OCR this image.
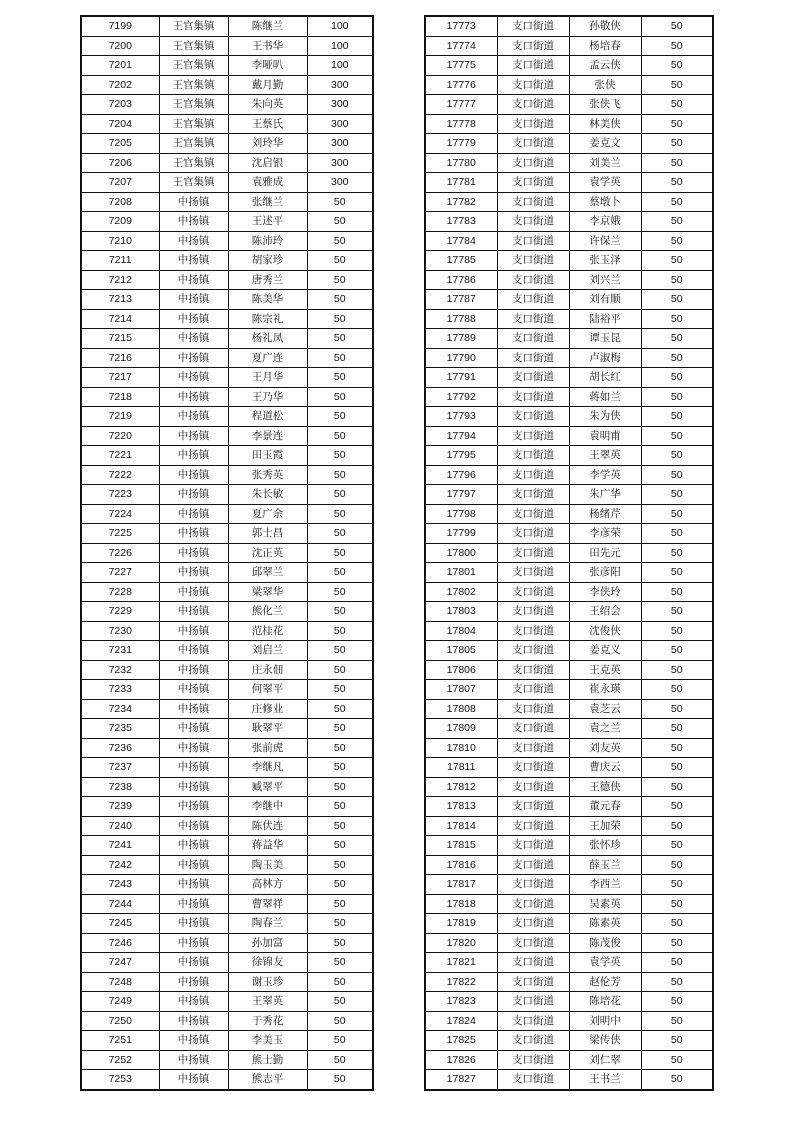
7199	王官集镇	陈继兰	100
7200	王官集镇	王书华	100
7201	王官集镇	李哑叭	100
7202	王官集镇	戴月勤	300
7203	王官集镇	朱向英	300
7204	王官集镇	王蔡氏	300
7205	王官集镇	刘玲华	300
7206	王官集镇	沈启银	300
7207	王官集镇	袁雅成	300
7208	中扬镇	张继兰	50
7209	中扬镇	王述平	50
7210	中扬镇	陈沛玲	50
7211	中扬镇	胡家珍	50
7212	中扬镇	唐秀兰	50
7213	中扬镇	陈美华	50
7214	中扬镇	陈宗礼	50
7215	中扬镇	杨礼凤	50
7216	中扬镇	夏广连	50
7217	中扬镇	王月华	50
7218	中扬镇	王乃华	50
7219	中扬镇	程道松	50
7220	中扬镇	李景连	50
7221	中扬镇	田玉霞	50
7222	中扬镇	张秀英	50
7223	中扬镇	朱长敏	50
7224	中扬镇	夏广余	50
7225	中扬镇	郭士昌	50
7226	中扬镇	沈正英	50
7227	中扬镇	邱翠兰	50
7228	中扬镇	梁翠华	50
7229	中扬镇	熊化兰	50
7230	中扬镇	范桂花	50
7231	中扬镇	刘启兰	50
7232	中扬镇	庄永佃	50
7233	中扬镇	何翠平	50
7234	中扬镇	庄修业	50
7235	中扬镇	耿翠平	50
7236	中扬镇	张前虎	50
7237	中扬镇	李继凡	50
7238	中扬镇	臧翠平	50
7239	中扬镇	李继中	50
7240	中扬镇	陈伏连	50
7241	中扬镇	蒋益华	50
7242	中扬镇	陶玉美	50
7243	中扬镇	高林方	50
7244	中扬镇	曹翠祥	50
7245	中扬镇	陶春兰	50
7246	中扬镇	孙加富	50
7247	中扬镇	徐锦友	50
7248	中扬镇	谢玉珍	50
7249	中扬镇	王翠英	50
7250	中扬镇	于秀花	50
7251	中扬镇	李美玉	50
7252	中扬镇	熊士勤	50
7253	中扬镇	熊志平	50
17773	支口街道	孙敬侠	50
17774	支口街道	杨培春	50
17775	支口街道	孟云侠	50
17776	支口街道	张侠	50
17777	支口街道	张侠飞	50
17778	支口街道	林美侠	50
17779	支口街道	姜克文	50
17780	支口街道	刘美兰	50
17781	支口街道	袁学英	50
17782	支口街道	蔡墩卜	50
17783	支口街道	李京娥	50
17784	支口街道	许保兰	50
17785	支口街道	张玉泽	50
17786	支口街道	刘兴兰	50
17787	支口街道	刘有顺	50
17788	支口街道	陆裕平	50
17789	支口街道	谭玉昆	50
17790	支口街道	卢淑梅	50
17791	支口街道	胡长红	50
17792	支口街道	蒋如兰	50
17793	支口街道	朱为侠	50
17794	支口街道	袁明甫	50
17795	支口街道	王翠英	50
17796	支口街道	李学英	50
17797	支口街道	朱广华	50
17798	支口街道	杨绪芹	50
17799	支口街道	李彦荣	50
17800	支口街道	田先元	50
17801	支口街道	张彦阳	50
17802	支口街道	李侠玲	50
17803	支口街道	王绍会	50
17804	支口街道	沈俊侠	50
17805	支口街道	姜克义	50
17806	支口街道	王克英	50
17807	支口街道	崔永瑛	50
17808	支口街道	袁芝云	50
17809	支口街道	袁之兰	50
17810	支口街道	刘友英	50
17811	支口街道	曹庆云	50
17812	支口街道	王德侠	50
17813	支口街道	董元春	50
17814	支口街道	王加荣	50
17815	支口街道	张怀珍	50
17816	支口街道	薛玉兰	50
17817	支口街道	李西兰	50
17818	支口街道	吴素英	50
17819	支口街道	陈素英	50
17820	支口街道	陈茂俊	50
17821	支口街道	袁学英	50
17822	支口街道	赵伦芳	50
17823	支口街道	陈培花	50
17824	支口街道	刘明中	50
17825	支口街道	梁传侠	50
17826	支口街道	刘仁翠	50
17827	支口街道	王书兰	50
